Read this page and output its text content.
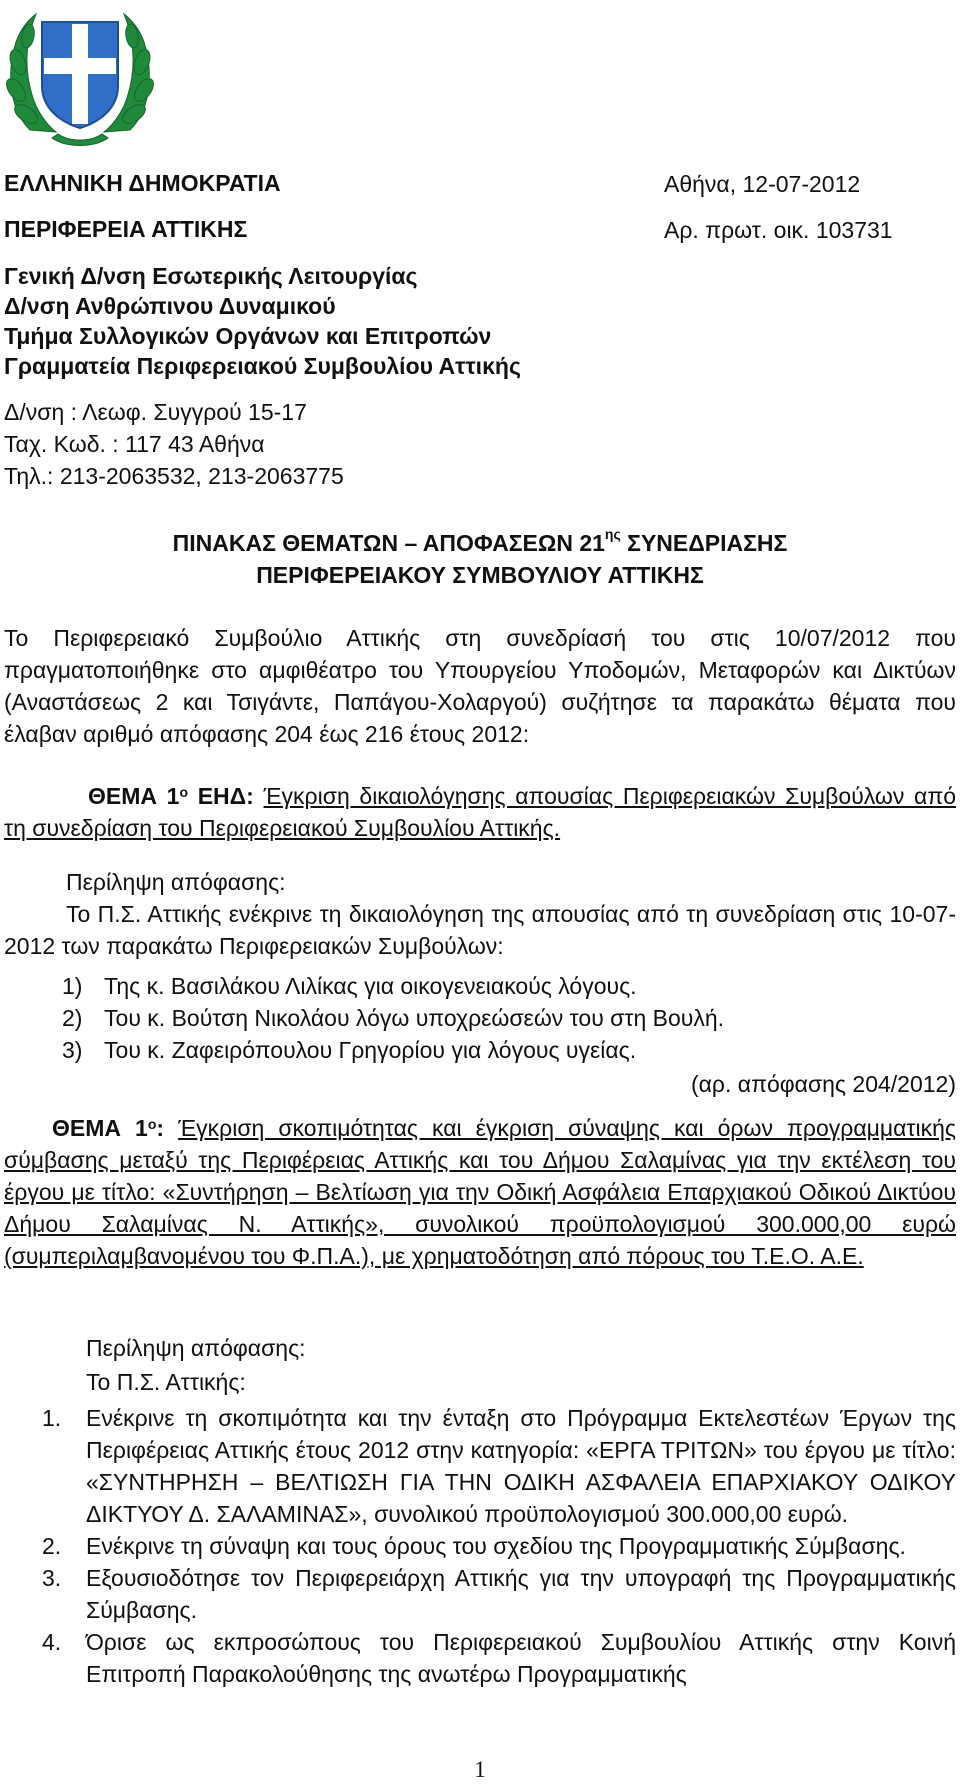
ΕΛΛΗΝΙΚΗ ΔΗΜΟΚΡΑΤΙΑ	Αθήνα, 12-07-2012
ΠΕΡΙΦΕΡΕΙΑ ΑΤΤΙΚΗΣ	Αρ. πρωτ. οικ. 103731
Γενική Δ/νση Εσωτερικής Λειτουργίας
Δ/νση Ανθρώπινου Δυναμικού
Τμήμα Συλλογικών Οργάνων και Επιτροπών
Γραμματεία Περιφερειακού Συμβουλίου Αττικής
Δ/νση : Λεωφ. Συγγρού 15-17
Ταχ. Κωδ. : 117 43 Αθήνα
Τηλ.: 213-2063532, 213-2063775
ΠΙΝΑΚΑΣ ΘΕΜΑΤΩΝ – ΑΠΟΦΑΣΕΩΝ $21^{\eta\varsigma}$ ΣΥΝΕΔΡΙΑΣΗΣ
ΠΕΡΙΦΕΡΕΙΑΚΟΥ ΣΥΜΒΟΥΛΙΟΥ ΑΤΤΙΚΗΣ
Το Περιφερειακό Συμβούλιο Αττικής στη συνεδρίασή του στις 10/07/2012 που πραγματοποιήθηκε στο αμφιθέατρο του Υπουργείου Υποδομών, Μεταφορών και Δικτύων (Αναστάσεως 2 και Τσιγάντε, Παπάγου-Χολαργού) συζήτησε τα παρακάτω θέματα που έλαβαν αριθμό απόφασης 204 έως 216 έτους 2012:
ΘΕΜΑ $1^o$ ΕΗΔ: Έγκριση δικαιολόγησης απουσίας Περιφερειακών Συμβούλων από τη συνεδρίαση του Περιφερειακού Συμβουλίου Αττικής.
Περίληψη απόφασης:
Το Π.Σ. Αττικής ενέκρινε τη δικαιολόγηση της απουσίας από τη συνεδρίαση στις 10-07-2012 των παρακάτω Περιφερειακών Συμβούλων:
1) Της κ. Βασιλάκου Λιλίκας για οικογενειακούς λόγους.
2) Του κ. Βούτση Νικολάου λόγω υποχρεώσεών του στη Βουλή.
3) Του κ. Ζαφειρόπουλου Γρηγορίου για λόγους υγείας.
(αρ. απόφασης 204/2012)
ΘΕΜΑ $1^o$: Έγκριση σκοπιμότητας και έγκριση σύναψης και όρων προγραμματικής σύμβασης μεταξύ της Περιφέρειας Αττικής και του Δήμου Σαλαμίνας για την εκτέλεση του έργου με τίτλο: «Συντήρηση – Βελτίωση για την Οδική Ασφάλεια Επαρχιακού Οδικού Δικτύου Δήμου Σαλαμίνας Ν. Αττικής», συνολικού προϋπολογισμού 300.000,00 ευρώ (συμπεριλαμβανομένου του Φ.Π.Α.), με χρηματοδότηση από πόρους του Τ.Ε.Ο. Α.Ε.
Περίληψη απόφασης:
Το Π.Σ. Αττικής:
1. Ενέκρινε τη σκοπιμότητα και την ένταξη στο Πρόγραμμα Εκτελεστέων Έργων της Περιφέρειας Αττικής έτους 2012 στην κατηγορία: «ΕΡΓΑ ΤΡΙΤΩΝ» του έργου με τίτλο: «ΣΥΝΤΗΡΗΣΗ – ΒΕΛΤΙΩΣΗ ΓΙΑ ΤΗΝ ΟΔΙΚΗ ΑΣΦΑΛΕΙΑ ΕΠΑΡΧΙΑΚΟΥ ΟΔΙΚΟΥ ΔΙΚΤΥΟΥ Δ. ΣΑΛΑΜΙΝΑΣ», συνολικού προϋπολογισμού 300.000,00 ευρώ.
2. Ενέκρινε τη σύναψη και τους όρους του σχεδίου της Προγραμματικής Σύμβασης.
3. Εξουσιοδότησε τον Περιφερειάρχη Αττικής για την υπογραφή της Προγραμματικής Σύμβασης.
4. Όρισε ως εκπροσώπους του Περιφερειακού Συμβουλίου Αττικής στην Κοινή Επιτροπή Παρακολούθησης της ανωτέρω Προγραμματικής
1
